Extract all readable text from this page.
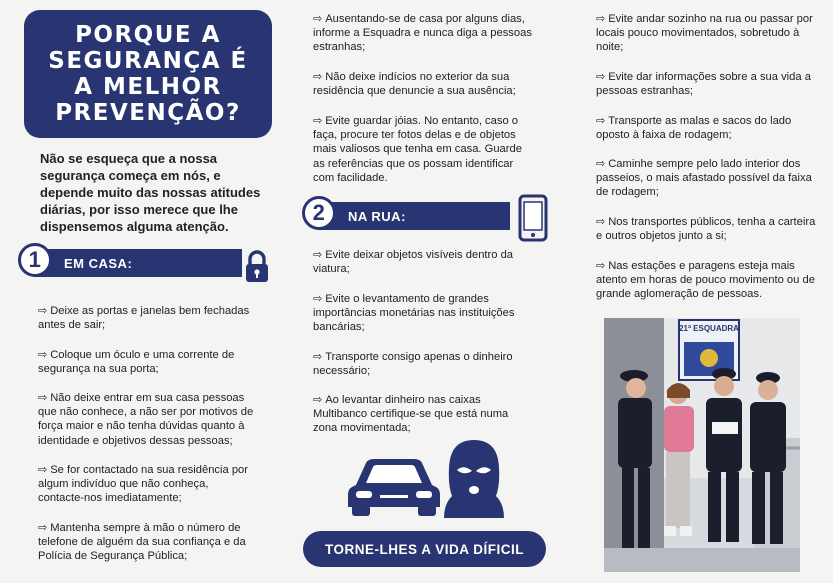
PORQUE A
SEGURANÇA É
A MELHOR
PREVENÇÃO?
Não se esqueça que a nossa segurança começa em nós, e depende muito das nossas atitudes diárias, por isso merece que lhe dispensemos alguma atenção.
1	EM CASA:
⇨ Deixe as portas e janelas bem fechadas antes de sair;
⇨ Coloque um óculo e uma corrente de segurança na sua porta;
⇨ Não deixe entrar em sua casa pessoas que não conhece, a não ser por motivos de força maior e não tenha dúvidas quanto à identidade e objetivos dessas pessoas;
⇨ Se for contactado na sua residência por algum indivíduo que não conheça, contacte-nos imediatamente;
⇨ Mantenha sempre à mão o número de telefone de alguém da sua confiança e da Polícia de Segurança Pública;
⇨ Ausentando-se de casa por alguns dias, informe a Esquadra e nunca diga a pessoas estranhas;
⇨ Não deixe indícios no exterior da sua residência que denuncie a sua ausência;
⇨ Evite guardar jóias. No entanto, caso o faça, procure ter fotos delas e de objetos mais valiosos que tenha em casa. Guarde as referências que os possam identificar com facilidade.
2	NA RUA:
⇨ Evite deixar objetos visíveis dentro da viatura;
⇨ Evite o levantamento de grandes importâncias monetárias nas instituições bancárias;
⇨ Transporte consigo apenas o dinheiro necessário;
⇨ Ao levantar dinheiro nas caixas Multibanco certifique-se que está numa zona movimentada;
TORNE-LHES A VIDA DÍFICIL
⇨ Evite andar sozinho na rua ou passar por locais pouco movimentados, sobretudo à noite;
⇨ Evite dar informações sobre a sua vida a pessoas estranhas;
⇨ Transporte as malas e sacos do lado oposto à faixa de rodagem;
⇨ Caminhe sempre pelo lado interior dos passeios, o mais afastado possível da faixa de rodagem;
⇨ Nos transportes públicos, tenha a carteira e outros objetos junto a si;
⇨ Nas estações e paragens esteja mais atento em horas de pouco movimento ou de grande aglomeração de pessoas.
21ª ESQUADRA
